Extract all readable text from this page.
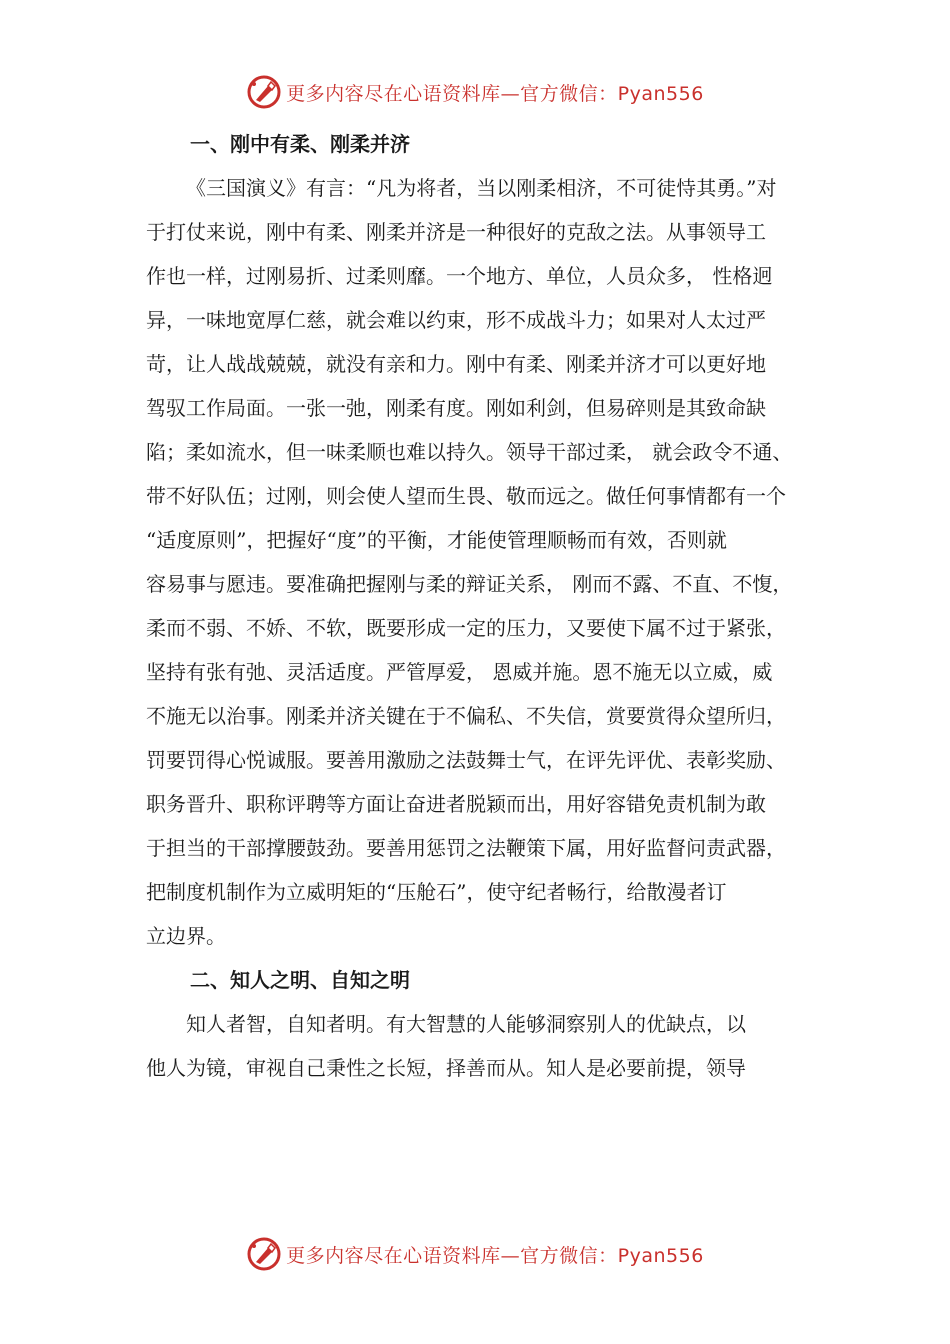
更多内容尽在心语资料库—官方微信：Pyan556
一、刚中有柔、刚柔并济
《三国演义》有言：“凡为将者，当以刚柔相济，不可徒恃其勇。”对
于打仗来说，刚中有柔、刚柔并济是一种很好的克敌之法。从事领导工
作也一样，过刚易折、过柔则靡。一个地方、单位，人员众多， 性格迥
异，一味地宽厚仁慈，就会难以约束，形不成战斗力；如果对人太过严
苛，让人战战兢兢，就没有亲和力。刚中有柔、刚柔并济才可以更好地
驾驭工作局面。一张一弛，刚柔有度。刚如利剑，但易碎则是其致命缺
陷；柔如流水，但一味柔顺也难以持久。领导干部过柔， 就会政令不通、
带不好队伍；过刚，则会使人望而生畏、敬而远之。做任何事情都有一个
“适度原则”，把握好“度”的平衡，才能使管理顺畅而有效，否则就
容易事与愿违。要准确把握刚与柔的辩证关系， 刚而不露、不直、不愎，
柔而不弱、不娇、不软，既要形成一定的压力，又要使下属不过于紧张，
坚持有张有弛、灵活适度。严管厚爱， 恩威并施。恩不施无以立威，威
不施无以治事。刚柔并济关键在于不偏私、不失信，赏要赏得众望所归，
罚要罚得心悦诚服。要善用激励之法鼓舞士气，在评先评优、表彰奖励、
职务晋升、职称评聘等方面让奋进者脱颖而出，用好容错免责机制为敢
于担当的干部撑腰鼓劲。要善用惩罚之法鞭策下属，用好监督问责武器，
把制度机制作为立威明矩的“压舱石”，使守纪者畅行，给散漫者订
立边界。
二、知人之明、自知之明
知人者智，自知者明。有大智慧的人能够洞察别人的优缺点，以
他人为镜，审视自己秉性之长短，择善而从。知人是必要前提，领导
更多内容尽在心语资料库—官方微信：Pyan556
